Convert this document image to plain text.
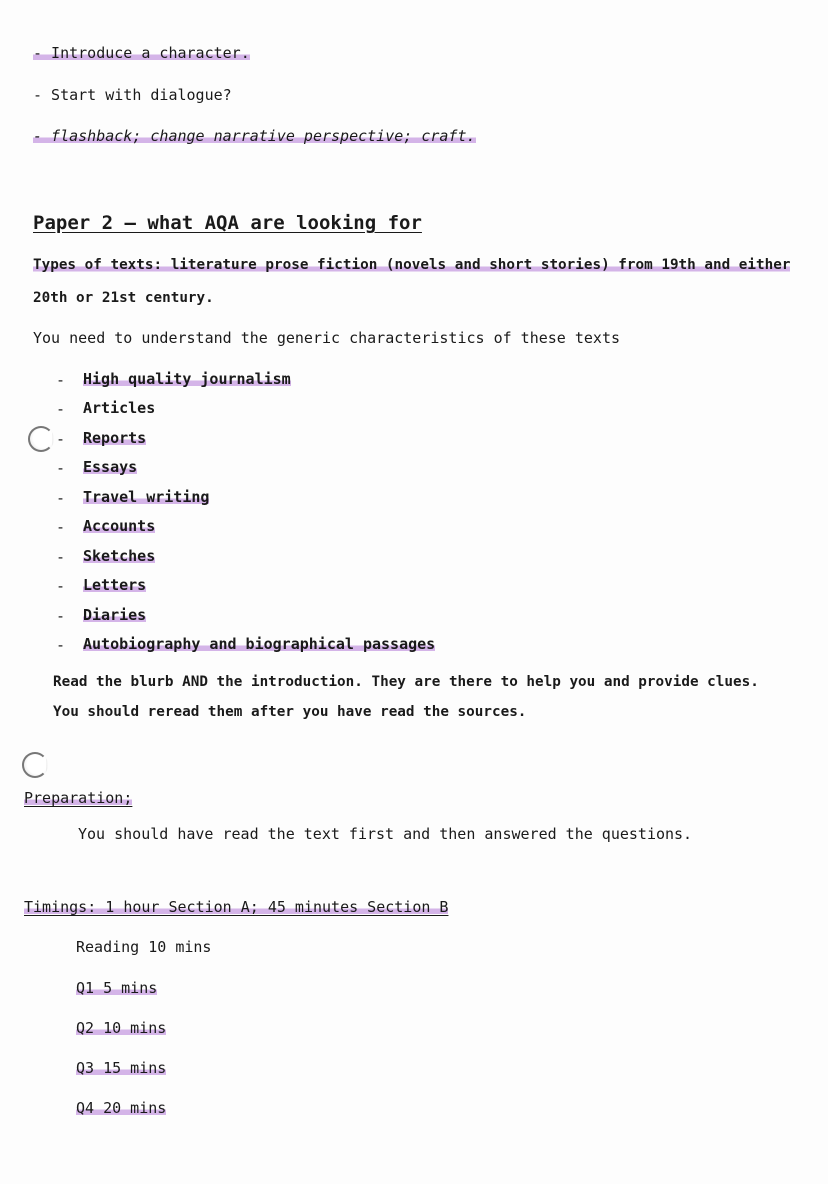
- Introduce a character.
- Start with dialogue?
- flashback; change narrative perspective; craft.
Paper 2 – what AQA are looking for
Types of texts: literature prose fiction (novels and short stories) from 19th and either
20th or 21st century.
You need to understand the generic characteristics of these texts
- High quality journalism
- Articles
- Reports
- Essays
- Travel writing
- Accounts
- Sketches
- Letters
- Diaries
- Autobiography and biographical passages
Read the blurb AND the introduction. They are there to help you and provide clues.
You should reread them after you have read the sources.
Preparation;
You should have read the text first and then answered the questions.
Timings: 1 hour Section A; 45 minutes Section B
Reading 10 mins
Q1 5 mins
Q2 10 mins
Q3 15 mins
Q4 20 mins
